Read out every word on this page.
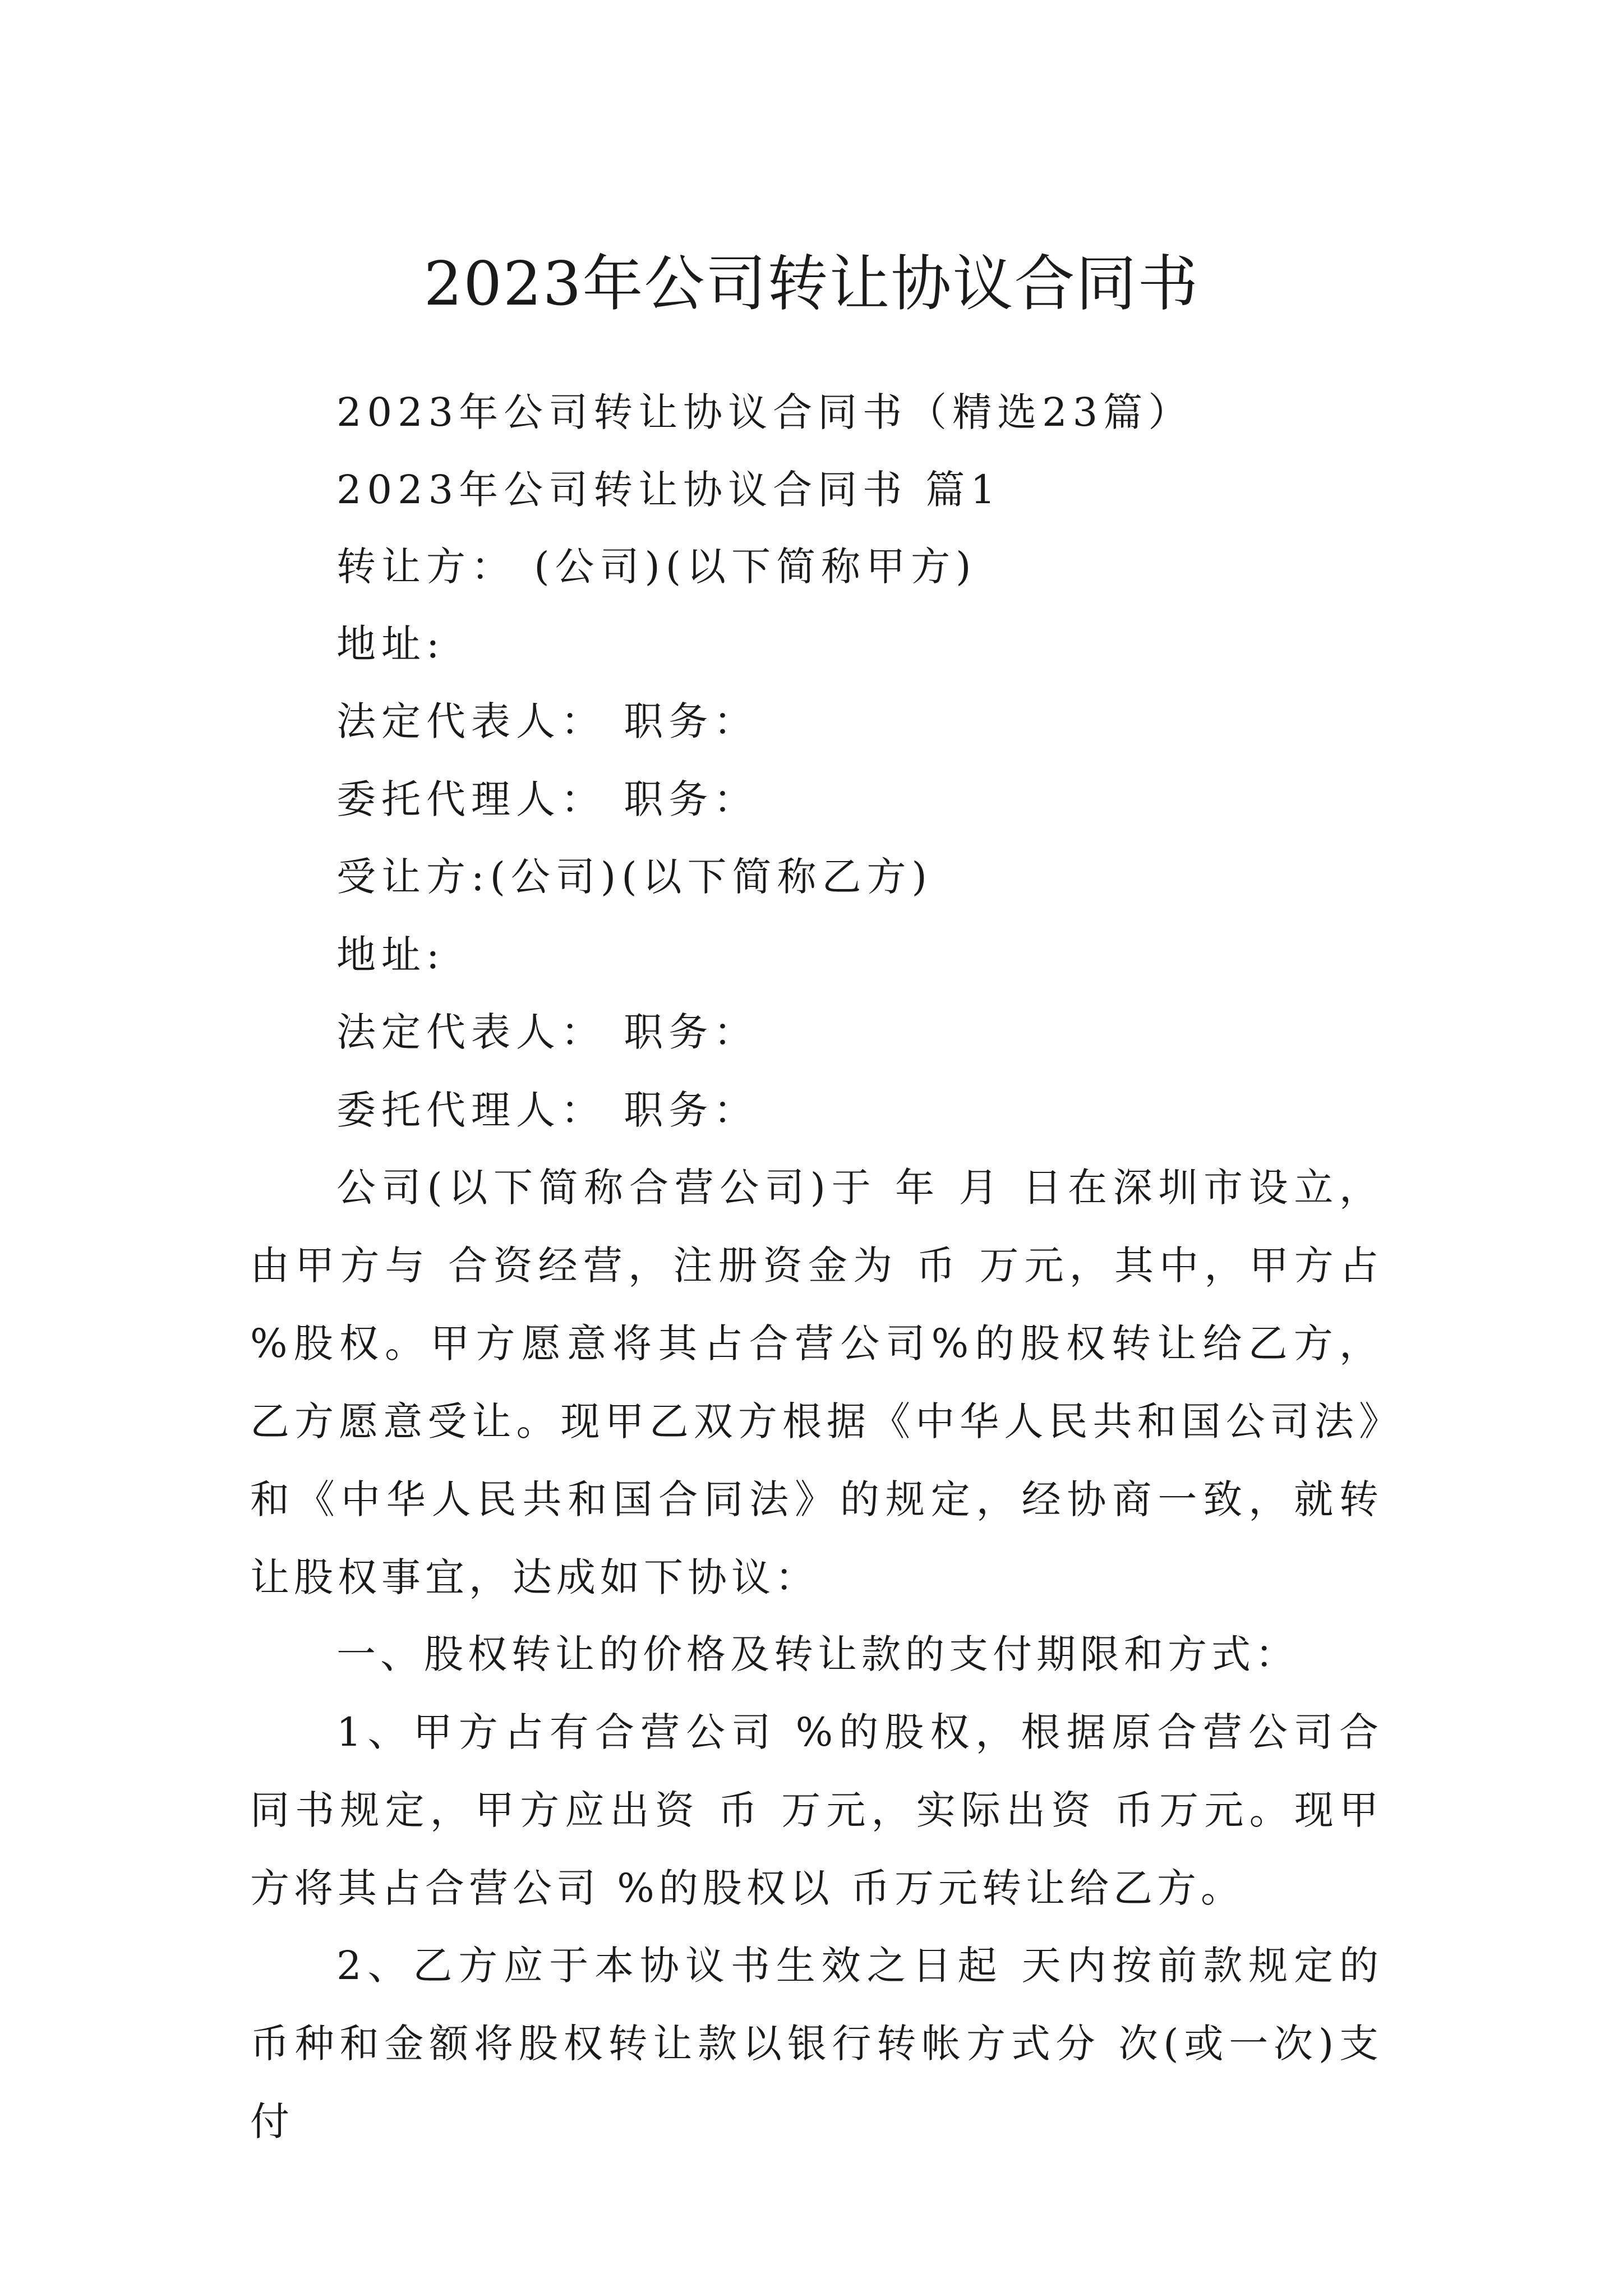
2023年公司转让协议合同书
2023年公司转让协议合同书（精选23篇）
2023年公司转让协议合同书 篇1
转让方： (公司)(以下简称甲方)
地址:
法定代表人： 职务：
委托代理人： 职务：
受让方:(公司)(以下简称乙方)
地址:
法定代表人： 职务：
委托代理人： 职务：

公司(以下简称合营公司)于 年 月 日在深圳市设立，由甲方与 合资经营，注册资金为 币 万元，其中，甲方占 %股权。甲方愿意将其占合营公司%的股权转让给乙方，乙方愿意受让。现甲乙双方根据《中华人民共和国公司法》和《中华人民共和国合同法》的规定，经协商一致，就转让股权事宜，达成如下协议：

一、股权转让的价格及转让款的支付期限和方式：

1、甲方占有合营公司 %的股权，根据原合营公司合同书规定，甲方应出资 币 万元，实际出资 币万元。现甲方将其占合营公司 %的股权以 币万元转让给乙方。

2、乙方应于本协议书生效之日起 天内按前款规定的币种和金额将股权转让款以银行转帐方式分 次(或一次)支付
